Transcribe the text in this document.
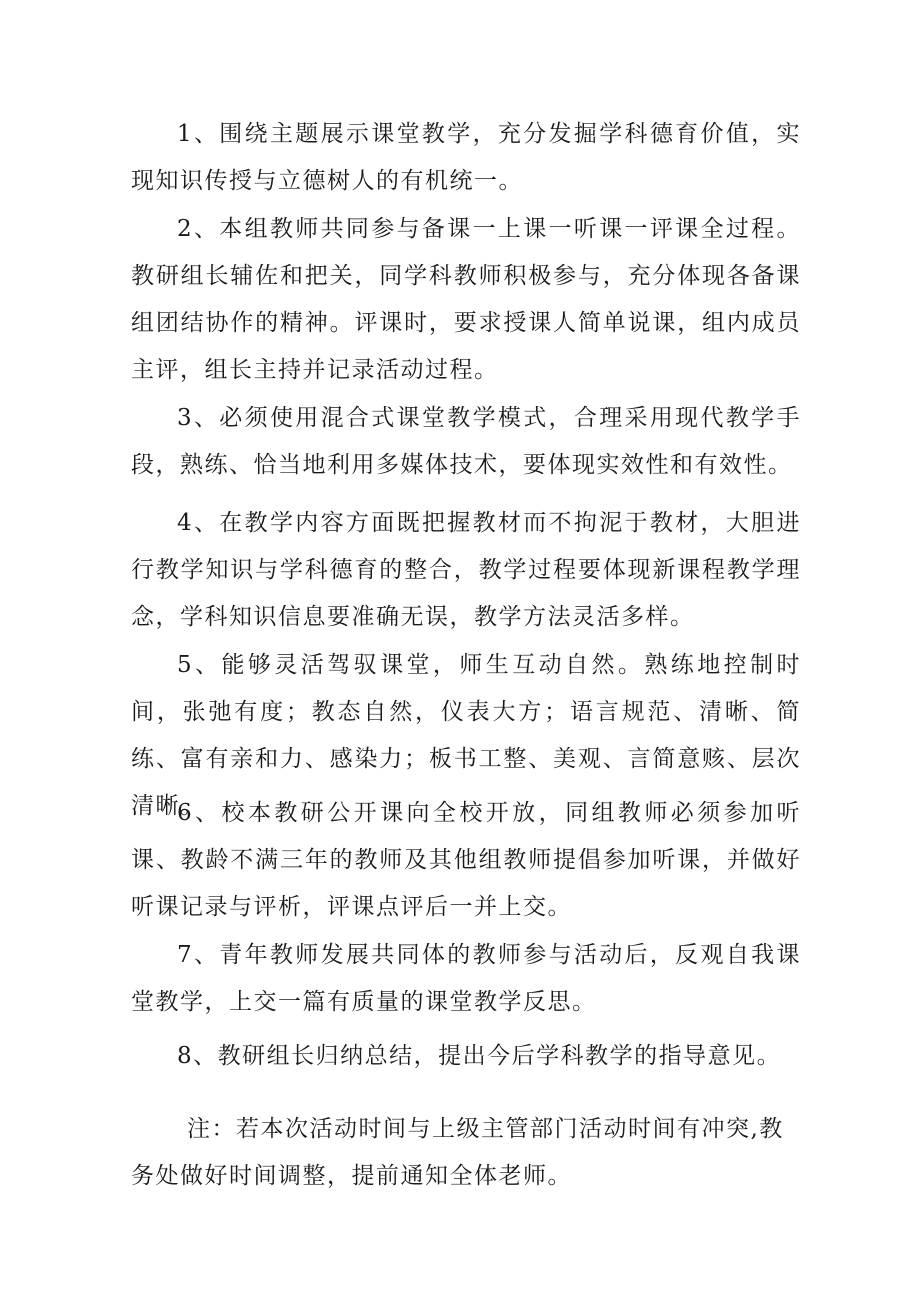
1、围绕主题展示课堂教学，充分发掘学科德育价值，实现知识传授与立德树人的有机统一。

2、本组教师共同参与备课一上课一听课一评课全过程。教研组长辅佐和把关，同学科教师积极参与，充分体现各备课组团结协作的精神。评课时，要求授课人简单说课，组内成员主评，组长主持并记录活动过程。

3、必须使用混合式课堂教学模式，合理采用现代教学手段，熟练、恰当地利用多媒体技术，要体现实效性和有效性。

4、在教学内容方面既把握教材而不拘泥于教材，大胆进行教学知识与学科德育的整合，教学过程要体现新课程教学理念，学科知识信息要准确无误，教学方法灵活多样。

5、能够灵活驾驭课堂，师生互动自然。熟练地控制时间，张弛有度；教态自然，仪表大方；语言规范、清晰、简练、富有亲和力、感染力；板书工整、美观、言简意赅、层次清晰。

6、校本教研公开课向全校开放，同组教师必须参加听课、教龄不满三年的教师及其他组教师提倡参加听课，并做好听课记录与评析，评课点评后一并上交。

7、青年教师发展共同体的教师参与活动后，反观自我课堂教学，上交一篇有质量的课堂教学反思。

8、教研组长归纳总结，提出今后学科教学的指导意见。

注：若本次活动时间与上级主管部门活动时间有冲突,教务处做好时间调整，提前通知全体老师。
